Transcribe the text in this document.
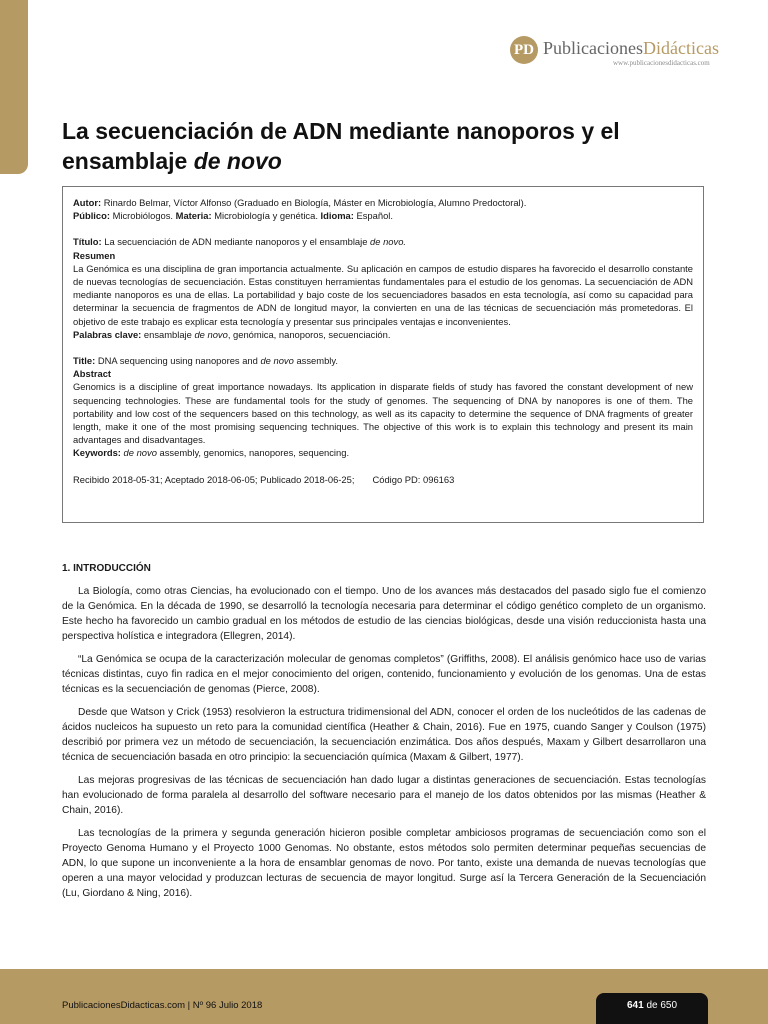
PD PublicacionesDidácticas
www.publicacionesdidacticas.com
La secuenciación de ADN mediante nanoporos y el ensamblaje de novo

Autor: Rinardo Belmar, Víctor Alfonso (Graduado en Biología, Máster en Microbiología, Alumno Predoctoral).

Público: Microbiólogos. Materia: Microbiología y genética. Idioma: Español.

Título: La secuenciación de ADN mediante nanoporos y el ensamblaje de novo.

Resumen

La Genómica es una disciplina de gran importancia actualmente. Su aplicación en campos de estudio dispares ha favorecido el desarrollo constante de nuevas tecnologías de secuenciación. Estas constituyen herramientas fundamentales para el estudio de los genomas. La secuenciación de ADN mediante nanoporos es una de ellas. La portabilidad y bajo coste de los secuenciadores basados en esta tecnología, así como su capacidad para determinar la secuencia de fragmentos de ADN de longitud mayor, la convierten en una de las técnicas de secuenciación más prometedoras. El objetivo de este trabajo es explicar esta tecnología y presentar sus principales ventajas e inconvenientes.

Palabras clave: ensamblaje de novo, genómica, nanoporos, secuenciación.

Title: DNA sequencing using nanopores and de novo assembly.

Abstract

Genomics is a discipline of great importance nowadays. Its application in disparate fields of study has favored the constant development of new sequencing technologies. These are fundamental tools for the study of genomes. The sequencing of DNA by nanopores is one of them. The portability and low cost of the sequencers based on this technology, as well as its capacity to determine the sequence of DNA fragments of greater length, make it one of the most promising sequencing techniques. The objective of this work is to explain this technology and present its main advantages and disadvantages.

Keywords: de novo assembly, genomics, nanopores, sequencing.

Recibido 2018-05-31; Aceptado 2018-06-05; Publicado 2018-06-25; Código PD: 096163

1. INTRODUCCIÓN

La Biología, como otras Ciencias, ha evolucionado con el tiempo. Uno de los avances más destacados del pasado siglo fue el comienzo de la Genómica. En la década de 1990, se desarrolló la tecnología necesaria para determinar el código genético completo de un organismo. Este hecho ha favorecido un cambio gradual en los métodos de estudio de las ciencias biológicas, desde una visión reduccionista hasta una perspectiva holística e integradora (Ellegren, 2014).

“La Genómica se ocupa de la caracterización molecular de genomas completos” (Griffiths, 2008). El análisis genómico hace uso de varias técnicas distintas, cuyo fin radica en el mejor conocimiento del origen, contenido, funcionamiento y evolución de los genomas. Una de estas técnicas es la secuenciación de genomas (Pierce, 2008).

Desde que Watson y Crick (1953) resolvieron la estructura tridimensional del ADN, conocer el orden de los nucleótidos de las cadenas de ácidos nucleicos ha supuesto un reto para la comunidad científica (Heather & Chain, 2016). Fue en 1975, cuando Sanger y Coulson (1975) describió por primera vez un método de secuenciación, la secuenciación enzimática. Dos años después, Maxam y Gilbert desarrollaron una técnica de secuenciación basada en otro principio: la secuenciación química (Maxam & Gilbert, 1977).

Las mejoras progresivas de las técnicas de secuenciación han dado lugar a distintas generaciones de secuenciación. Estas tecnologías han evolucionado de forma paralela al desarrollo del software necesario para el manejo de los datos obtenidos por las mismas (Heather & Chain, 2016).

Las tecnologías de la primera y segunda generación hicieron posible completar ambiciosos programas de secuenciación como son el Proyecto Genoma Humano y el Proyecto 1000 Genomas. No obstante, estos métodos solo permiten determinar pequeñas secuencias de ADN, lo que supone un inconveniente a la hora de ensamblar genomas de novo. Por tanto, existe una demanda de nuevas tecnologías que operen a una mayor velocidad y produzcan lecturas de secuencia de mayor longitud. Surge así la Tercera Generación de la Secuenciación (Lu, Giordano & Ning, 2016).

PublicacionesDidacticas.com | Nº 96 Julio 2018	641 de 650
